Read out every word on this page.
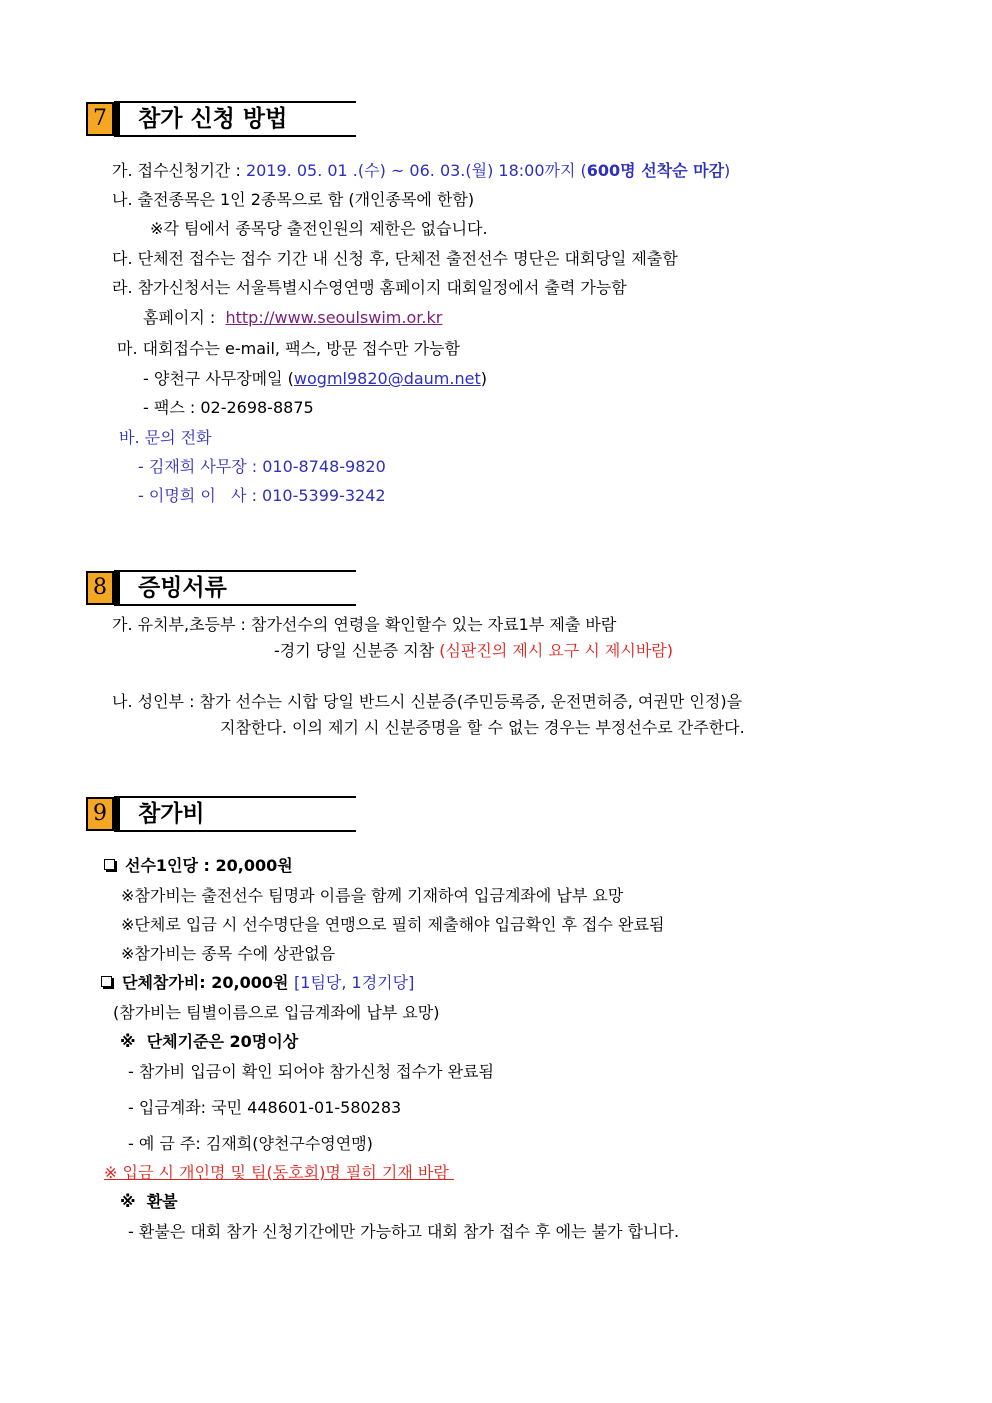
7	참가 신청 방법
가. 접수신청기간 : 2019. 05. 01 .(수) ~ 06. 03.(월) 18:00까지 (600명 선착순 마감)
나. 출전종목은 1인 2종목으로 함 (개인종목에 한함)
※각 팀에서 종목당 출전인원의 제한은 없습니다.
다. 단체전 접수는 접수 기간 내 신청 후, 단체전 출전선수 명단은 대회당일 제출함
라. 참가신청서는 서울특별시수영연맹 홈페이지 대회일정에서 출력 가능함
홈페이지 : http://www.seoulswim.or.kr
마. 대회접수는 e-mail, 팩스, 방문 접수만 가능함
- 양천구 사무장메일 (wogml9820@daum.net)
- 팩스 : 02-2698-8875
바. 문의 전화
- 김재희 사무장 : 010-8748-9820
- 이명희 이   사 : 010-5399-3242
8	증빙서류
가. 유치부,초등부 : 참가선수의 연령을 확인할수 있는 자료1부 제출 바람
-경기 당일 신분증 지참 (심판진의 제시 요구 시 제시바람)
나. 성인부 : 참가 선수는 시합 당일 반드시 신분증(주민등록증, 운전면허증, 여권만 인정)을
지참한다. 이의 제기 시 신분증명을 할 수 없는 경우는 부정선수로 간주한다.
9	참가비
선수1인당 : 20,000원
※참가비는 출전선수 팀명과 이름을 함께 기재하여 입금계좌에 납부 요망
※단체로 입금 시 선수명단을 연맹으로 필히 제출해야 입금확인 후 접수 완료됨
※참가비는 종목 수에 상관없음
단체참가비: 20,000원 [1팀당, 1경기당]
(참가비는 팀별이름으로 입금계좌에 납부 요망)
※  단체기준은 20명이상
- 참가비 입금이 확인 되어야 참가신청 접수가 완료됨
- 입금계좌: 국민 448601-01-580283
- 예 금 주: 김재희(양천구수영연맹)
※ 입금 시 개인명 및 팀(동호회)명 필히 기재 바람
※  환불
- 환불은 대회 참가 신청기간에만 가능하고 대회 참가 접수 후 에는 불가 합니다.
